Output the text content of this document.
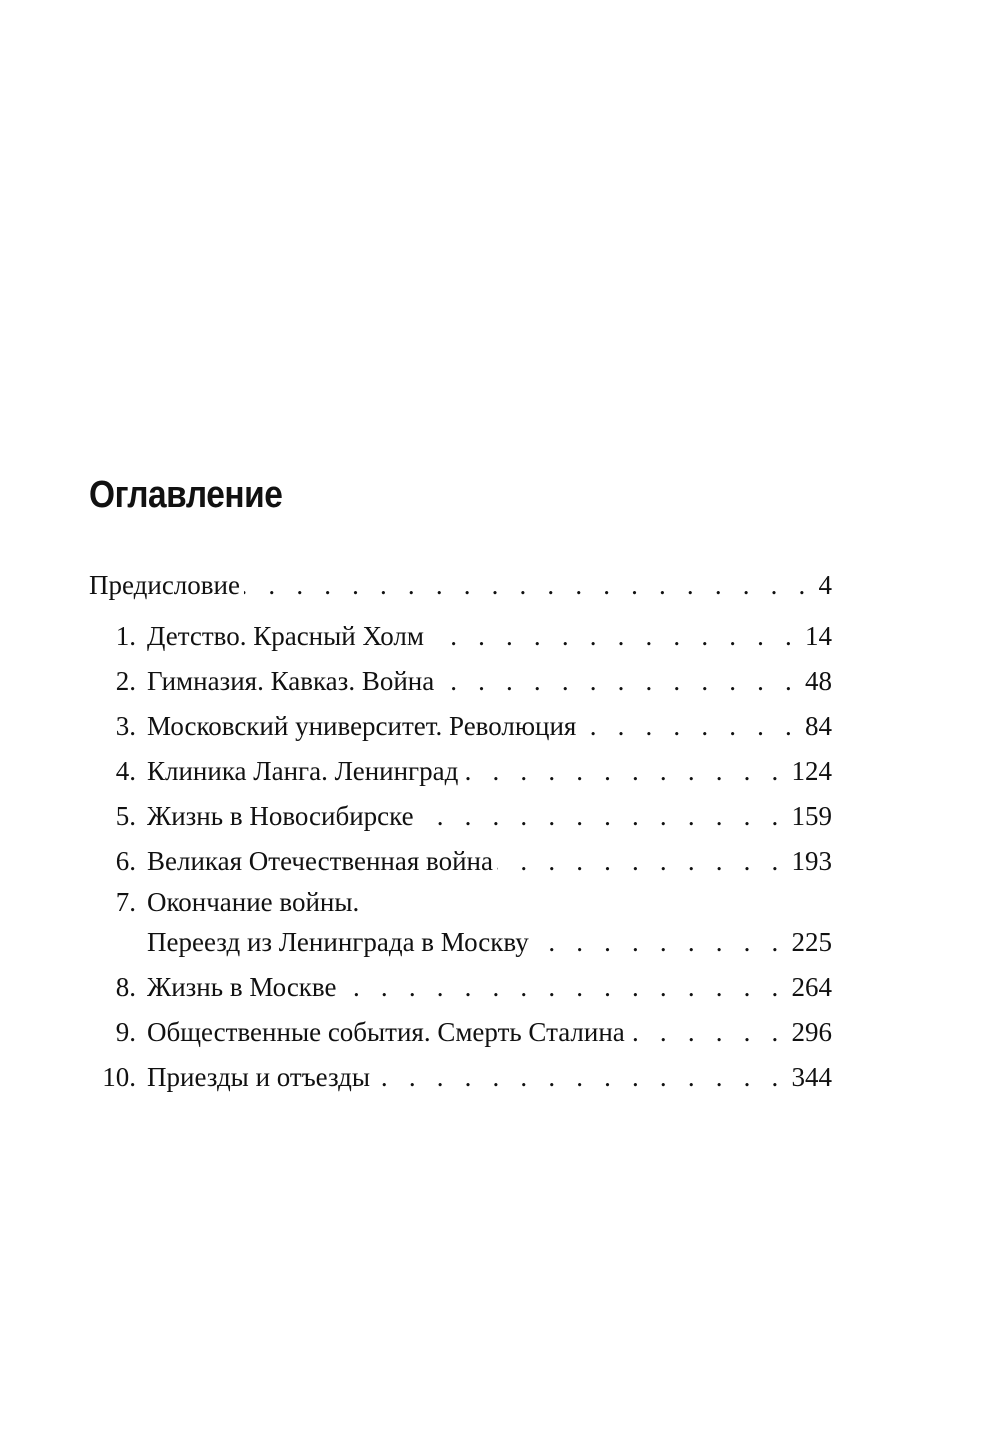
Оглавление
Предисловие . . .	4
1. Детство. Красный Холм . . .	14
2. Гимназия. Кавказ. Война . . .	48
3. Московский университет. Революция . . .	84
4. Клиника Ланга. Ленинград . . .	124
5. Жизнь в Новосибирске . . .	159
6. Великая Отечественная война . . .	193
7. Окончание войны.
Переезд из Ленинграда в Москву . . .	225
8. Жизнь в Москве . . .	264
9. Общественные события. Смерть Сталина . . .	296
10. Приезды и отъезды . . .	344
